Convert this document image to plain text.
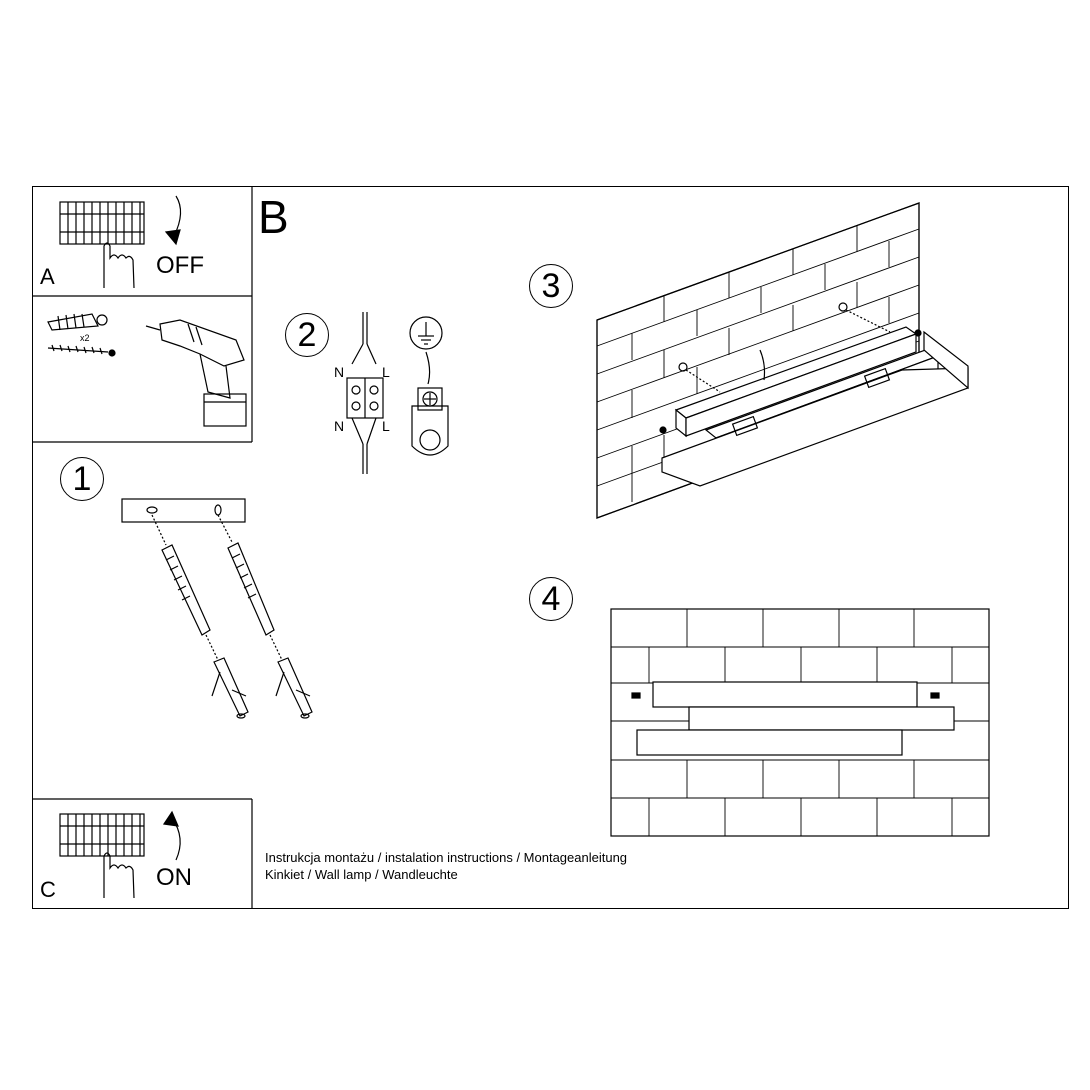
A	OFF
B
C	ON
x2
1
2
3
4
N	L
N	L
Instrukcja montażu / instalation instructions / Montageanleitung
Kinkiet / Wall lamp / Wandleuchte
